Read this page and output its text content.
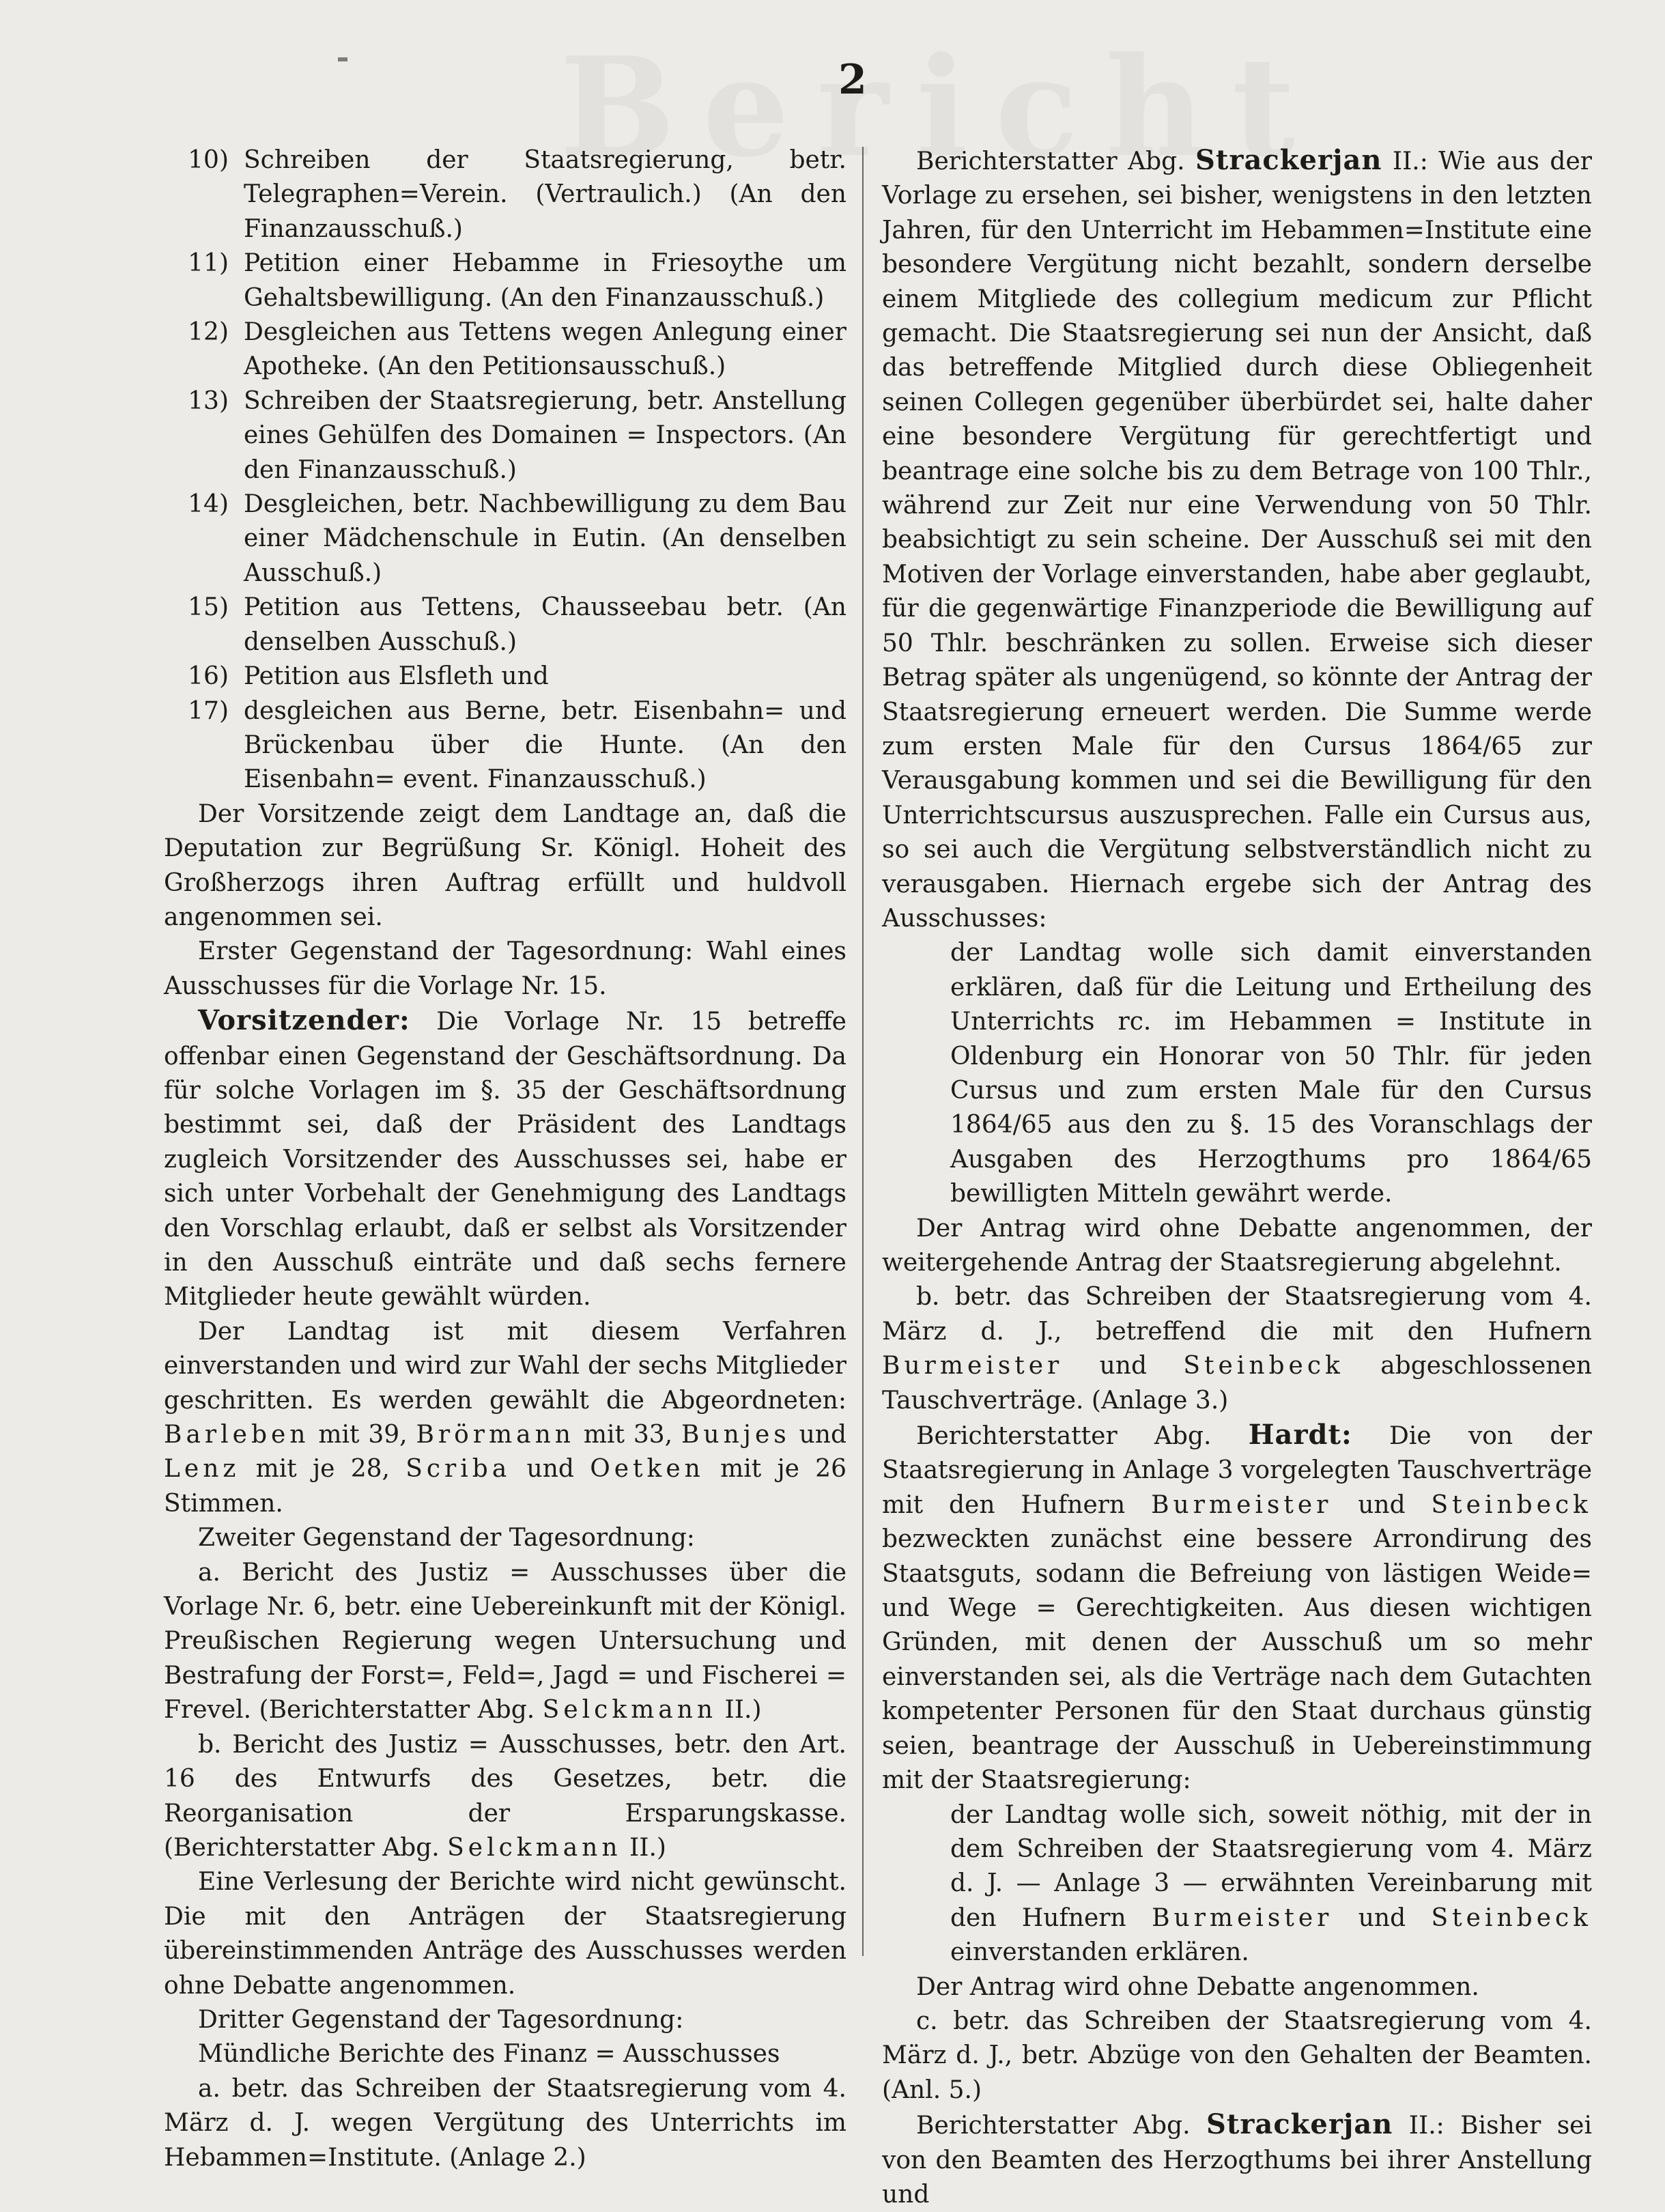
2
10) Schreiben der Staatsregierung, betr. Telegraphen=Verein. (Vertraulich.) (An den Finanzausschuß.)
11) Petition einer Hebamme in Friesoythe um Gehaltsbewilligung. (An den Finanzausschuß.)
12) Desgleichen aus Tettens wegen Anlegung einer Apotheke. (An den Petitionsausschuß.)
13) Schreiben der Staatsregierung, betr. Anstellung eines Gehülfen des Domainen = Inspectors. (An den Finanzausschuß.)
14) Desgleichen, betr. Nachbewilligung zu dem Bau einer Mädchenschule in Eutin. (An denselben Ausschuß.)
15) Petition aus Tettens, Chausseebau betr. (An denselben Ausschuß.)
16) Petition aus Elsfleth und
17) desgleichen aus Berne, betr. Eisenbahn= und Brückenbau über die Hunte. (An den Eisenbahn= event. Finanzausschuß.)

Der Vorsitzende zeigt dem Landtage an, daß die Deputation zur Begrüßung Sr. Königl. Hoheit des Großherzogs ihren Auftrag erfüllt und huldvoll angenommen sei.

Erster Gegenstand der Tagesordnung: Wahl eines Ausschusses für die Vorlage Nr. 15.

Vorsitzender: Die Vorlage Nr. 15 betreffe offenbar einen Gegenstand der Geschäftsordnung. Da für solche Vorlagen im §. 35 der Geschäftsordnung bestimmt sei, daß der Präsident des Landtags zugleich Vorsitzender des Ausschusses sei, habe er sich unter Vorbehalt der Genehmigung des Landtags den Vorschlag erlaubt, daß er selbst als Vorsitzender in den Ausschuß einträte und daß sechs fernere Mitglieder heute gewählt würden.

Der Landtag ist mit diesem Verfahren einverstanden und wird zur Wahl der sechs Mitglieder geschritten. Es werden gewählt die Abgeordneten: Barleben mit 39, Brörmann mit 33, Bunjes und Lenz mit je 28, Scriba und Oetken mit je 26 Stimmen.

Zweiter Gegenstand der Tagesordnung:

a. Bericht des Justiz = Ausschusses über die Vorlage Nr. 6, betr. eine Uebereinkunft mit der Königl. Preußischen Regierung wegen Untersuchung und Bestrafung der Forst=, Feld=, Jagd = und Fischerei = Frevel. (Berichterstatter Abg. Selckmann II.)

b. Bericht des Justiz = Ausschusses, betr. den Art. 16 des Entwurfs des Gesetzes, betr. die Reorganisation der Ersparungskasse. (Berichterstatter Abg. Selckmann II.)

Eine Verlesung der Berichte wird nicht gewünscht. Die mit den Anträgen der Staatsregierung übereinstimmenden Anträge des Ausschusses werden ohne Debatte angenommen.

Dritter Gegenstand der Tagesordnung:

Mündliche Berichte des Finanz = Ausschusses

a. betr. das Schreiben der Staatsregierung vom 4. März d. J. wegen Vergütung des Unterrichts im Hebammen=Institute. (Anlage 2.)

Berichterstatter Abg. Strackerjan II.: Wie aus der Vorlage zu ersehen, sei bisher, wenigstens in den letzten Jahren, für den Unterricht im Hebammen=Institute eine besondere Vergütung nicht bezahlt, sondern derselbe einem Mitgliede des collegium medicum zur Pflicht gemacht. Die Staatsregierung sei nun der Ansicht, daß das betreffende Mitglied durch diese Obliegenheit seinen Collegen gegenüber überbürdet sei, halte daher eine besondere Vergütung für gerechtfertigt und beantrage eine solche bis zu dem Betrage von 100 Thlr., während zur Zeit nur eine Verwendung von 50 Thlr. beabsichtigt zu sein scheine. Der Ausschuß sei mit den Motiven der Vorlage einverstanden, habe aber geglaubt, für die gegenwärtige Finanzperiode die Bewilligung auf 50 Thlr. beschränken zu sollen. Erweise sich dieser Betrag später als ungenügend, so könnte der Antrag der Staatsregierung erneuert werden. Die Summe werde zum ersten Male für den Cursus 1864/65 zur Verausgabung kommen und sei die Bewilligung für den Unterrichtscursus auszusprechen. Falle ein Cursus aus, so sei auch die Vergütung selbstverständlich nicht zu verausgaben. Hiernach ergebe sich der Antrag des Ausschusses:

der Landtag wolle sich damit einverstanden erklären, daß für die Leitung und Ertheilung des Unterrichts rc. im Hebammen = Institute in Oldenburg ein Honorar von 50 Thlr. für jeden Cursus und zum ersten Male für den Cursus 1864/65 aus den zu §. 15 des Voranschlags der Ausgaben des Herzogthums pro 1864/65 bewilligten Mitteln gewährt werde.

Der Antrag wird ohne Debatte angenommen, der weitergehende Antrag der Staatsregierung abgelehnt.

b. betr. das Schreiben der Staatsregierung vom 4. März d. J., betreffend die mit den Hufnern Burmeister und Steinbeck abgeschlossenen Tauschverträge. (Anlage 3.)

Berichterstatter Abg. Hardt: Die von der Staatsregierung in Anlage 3 vorgelegten Tauschverträge mit den Hufnern Burmeister und Steinbeck bezweckten zunächst eine bessere Arrondirung des Staatsguts, sodann die Befreiung von lästigen Weide= und Wege = Gerechtigkeiten. Aus diesen wichtigen Gründen, mit denen der Ausschuß um so mehr einverstanden sei, als die Verträge nach dem Gutachten kompetenter Personen für den Staat durchaus günstig seien, beantrage der Ausschuß in Uebereinstimmung mit der Staatsregierung:

der Landtag wolle sich, soweit nöthig, mit der in dem Schreiben der Staatsregierung vom 4. März d. J. — Anlage 3 — erwähnten Vereinbarung mit den Hufnern Burmeister und Steinbeck einverstanden erklären.

Der Antrag wird ohne Debatte angenommen.

c. betr. das Schreiben der Staatsregierung vom 4. März d. J., betr. Abzüge von den Gehalten der Beamten. (Anl. 5.)

Berichterstatter Abg. Strackerjan II.: Bisher sei von den Beamten des Herzogthums bei ihrer Anstellung und
